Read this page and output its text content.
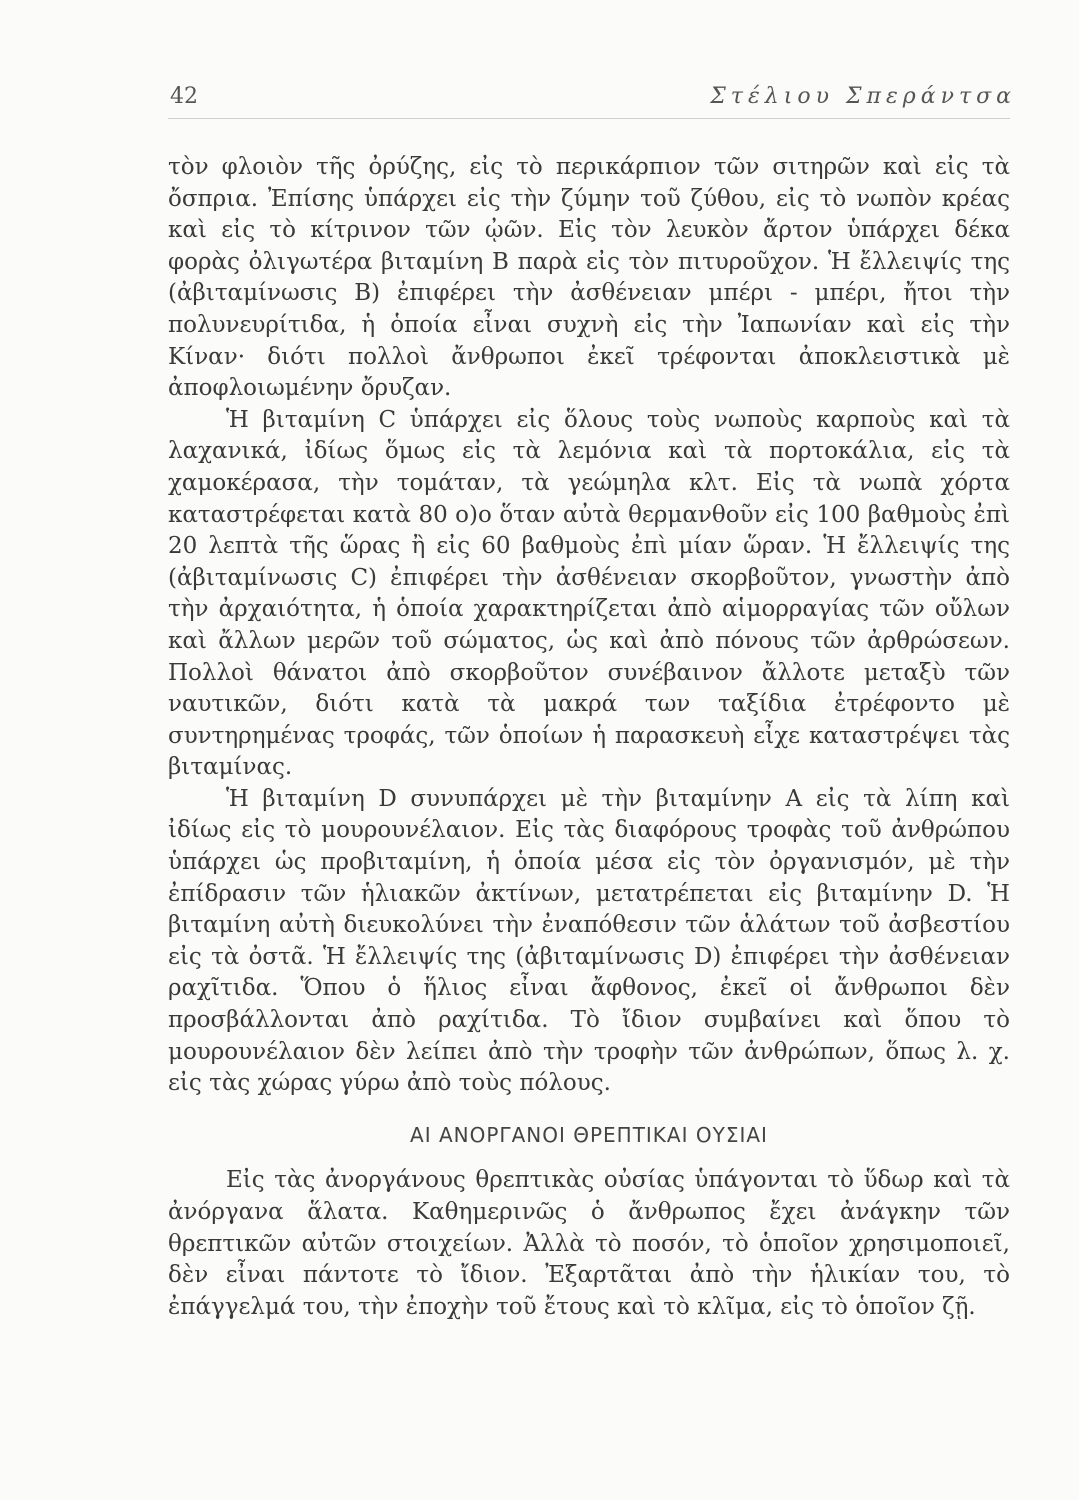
42	Στέλιου Σπεράντσα

τὸν φλοιὸν τῆς ὀρύζης, εἰς τὸ περικάρπιον τῶν σιτηρῶν καὶ εἰς τὰ ὄσπρια. Ἐπίσης ὑπάρχει εἰς τὴν ζύμην τοῦ ζύθου, εἰς τὸ νωπὸν κρέας καὶ εἰς τὸ κίτρινον τῶν ᾠῶν. Εἰς τὸν λευκὸν ἄρτον ὑπάρχει δέκα φορὰς ὀλιγωτέρα βιταμίνη Β παρὰ εἰς τὸν πιτυροῦχον. Ἡ ἔλλειψίς της (ἀβιταμίνωσις Β) ἐπιφέρει τὴν ἀσθένειαν μπέρι - μπέρι, ἤτοι τὴν πολυνευρίτιδα, ἡ ὁποία εἶναι συχνὴ εἰς τὴν Ἰαπωνίαν καὶ εἰς τὴν Κίναν· διότι πολλοὶ ἄνθρωποι ἐκεῖ τρέφονται ἀποκλειστικὰ μὲ ἀποφλοιωμένην ὄρυζαν.

Ἡ βιταμίνη C ὑπάρχει εἰς ὅλους τοὺς νωποὺς καρποὺς καὶ τὰ λαχανικά, ἰδίως ὅμως εἰς τὰ λεμόνια καὶ τὰ πορτοκάλια, εἰς τὰ χαμοκέρασα, τὴν τομάταν, τὰ γεώμηλα κλτ. Εἰς τὰ νωπὰ χόρτα καταστρέφεται κατὰ 80 ο)ο ὅταν αὐτὰ θερμανθοῦν εἰς 100 βαθμοὺς ἐπὶ 20 λεπτὰ τῆς ὥρας ἢ εἰς 60 βαθμοὺς ἐπὶ μίαν ὥραν. Ἡ ἔλλειψίς της (ἀβιταμίνωσις C) ἐπιφέρει τὴν ἀσθένειαν σκορβοῦτον, γνωστὴν ἀπὸ τὴν ἀρχαιότητα, ἡ ὁποία χαρακτηρίζεται ἀπὸ αἱμορραγίας τῶν οὔλων καὶ ἄλλων μερῶν τοῦ σώματος, ὡς καὶ ἀπὸ πόνους τῶν ἀρθρώσεων. Πολλοὶ θάνατοι ἀπὸ σκορβοῦτον συνέβαινον ἄλλοτε μεταξὺ τῶν ναυτικῶν, διότι κατὰ τὰ μακρά των ταξίδια ἐτρέφοντο μὲ συντηρημένας τροφάς, τῶν ὁποίων ἡ παρασκευὴ εἶχε καταστρέψει τὰς βιταμίνας.

Ἡ βιταμίνη D συνυπάρχει μὲ τὴν βιταμίνην Α εἰς τὰ λίπη καὶ ἰδίως εἰς τὸ μουρουνέλαιον. Εἰς τὰς διαφόρους τροφὰς τοῦ ἀνθρώπου ὑπάρχει ὡς προβιταμίνη, ἡ ὁποία μέσα εἰς τὸν ὀργανισμόν, μὲ τὴν ἐπίδρασιν τῶν ἡλιακῶν ἀκτίνων, μετατρέπεται εἰς βιταμίνην D. Ἡ βιταμίνη αὐτὴ διευκολύνει τὴν ἐναπόθεσιν τῶν ἁλάτων τοῦ ἀσβεστίου εἰς τὰ ὀστᾶ. Ἡ ἔλλειψίς της (ἀβιταμίνωσις D) ἐπιφέρει τὴν ἀσθένειαν ραχῖτιδα. Ὅπου ὁ ἥλιος εἶναι ἄφθονος, ἐκεῖ οἱ ἄνθρωποι δὲν προσβάλλονται ἀπὸ ραχίτιδα. Τὸ ἴδιον συμβαίνει καὶ ὅπου τὸ μουρουνέλαιον δὲν λείπει ἀπὸ τὴν τροφὴν τῶν ἀνθρώπων, ὅπως λ. χ. εἰς τὰς χώρας γύρω ἀπὸ τοὺς πόλους.

ΑΙ ΑΝΟΡΓΑΝΟΙ ΘΡΕΠΤΙΚΑΙ ΟΥΣΙΑΙ

Εἰς τὰς ἀνοργάνους θρεπτικὰς οὐσίας ὑπάγονται τὸ ὕδωρ καὶ τὰ ἀνόργανα ἅλατα. Καθημερινῶς ὁ ἄνθρωπος ἔχει ἀνάγκην τῶν θρεπτικῶν αὐτῶν στοιχείων. Ἀλλὰ τὸ ποσόν, τὸ ὁποῖον χρησιμοποιεῖ, δὲν εἶναι πάντοτε τὸ ἴδιον. Ἐξαρτᾶται ἀπὸ τὴν ἡλικίαν του, τὸ ἐπάγγελμά του, τὴν ἐποχὴν τοῦ ἔτους καὶ τὸ κλῖμα, εἰς τὸ ὁποῖον ζῇ.
